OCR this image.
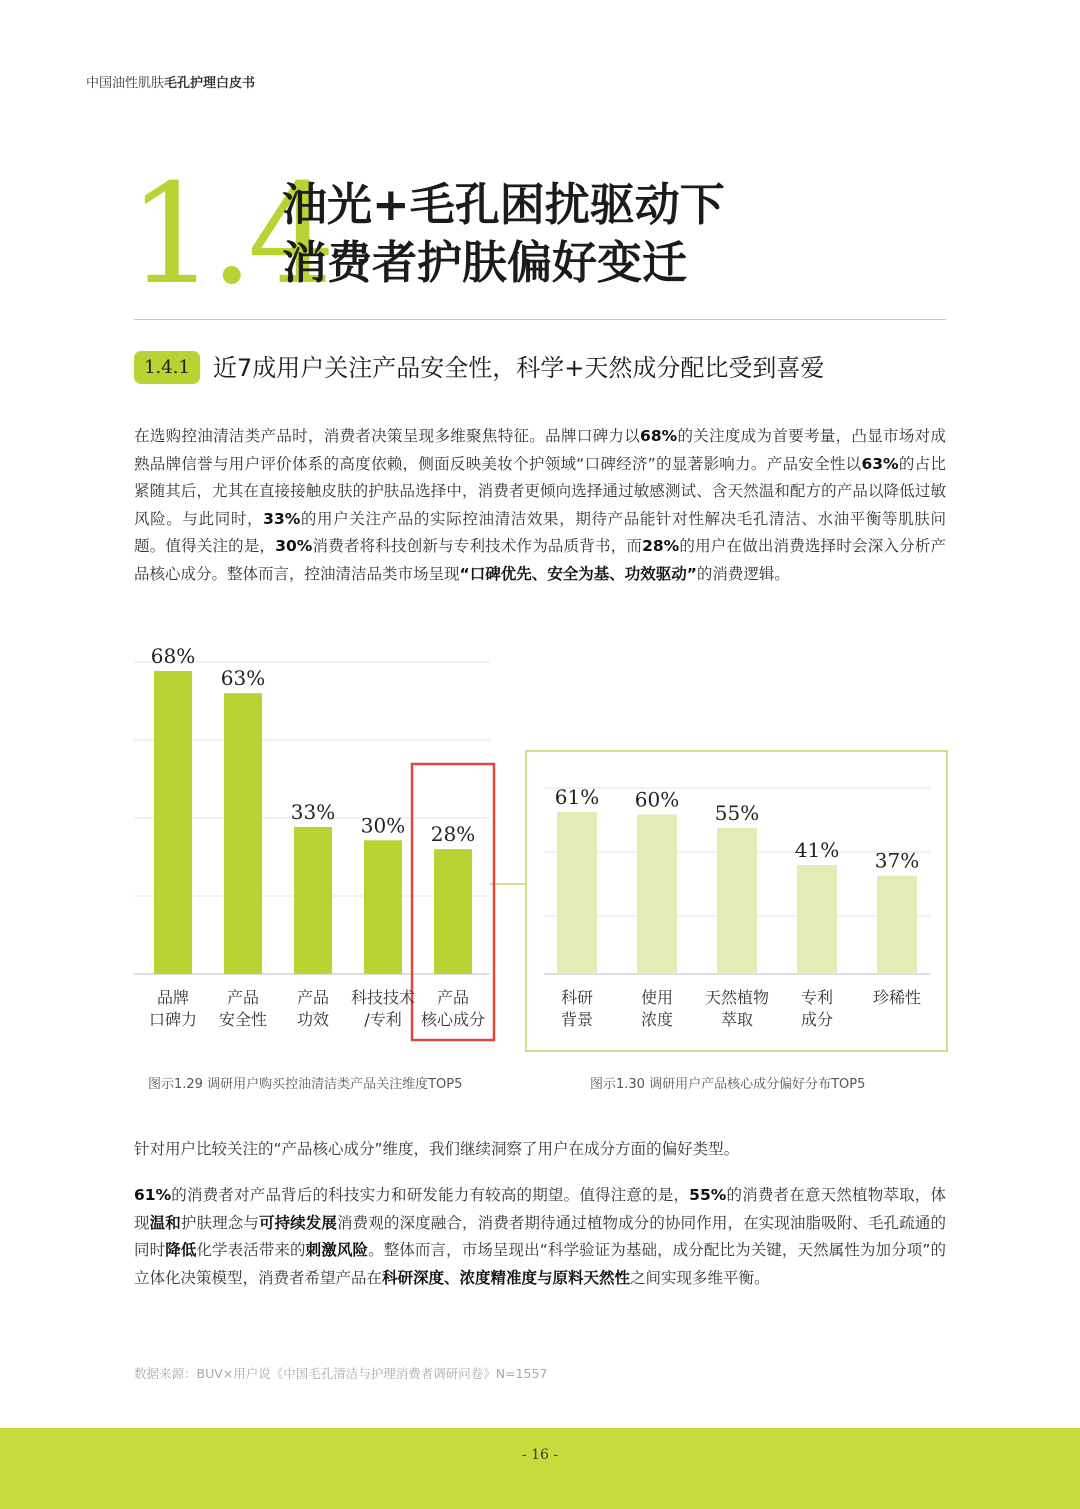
中国油性肌肤毛孔护理白皮书
1.4
油光+毛孔困扰驱动下
消费者护肤偏好变迁
1.4.1 近7成用户关注产品安全性，科学+天然成分配比受到喜爱
在选购控油清洁类产品时，消费者决策呈现多维聚焦特征。品牌口碑力以68%的关注度成为首要考量，凸显市场对成熟品牌信誉与用户评价体系的高度依赖，侧面反映美妆个护领域“口碑经济”的显著影响力。产品安全性以63%的占比紧随其后，尤其在直接接触皮肤的护肤品选择中，消费者更倾向选择通过敏感测试、含天然温和配方的产品以降低过敏风险。与此同时，33%的用户关注产品的实际控油清洁效果，期待产品能针对性解决毛孔清洁、水油平衡等肌肤问题。值得关注的是，30%消费者将科技创新与专利技术作为品质背书，而28%的用户在做出消费选择时会深入分析产品核心成分。整体而言，控油清洁品类市场呈现“口碑优先、安全为基、功效驱动”的消费逻辑。
68%
63%
33%
30% 28%
61% 60%
55%
41% 37%
品牌
口碑力
产品
安全性
产品
功效
科技技术
/专利
产品
核心成分
科研
背景
使用
浓度
天然植物
萃取
专利
成分
珍稀性
图示1.29 调研用户购买控油清洁类产品关注维度TOP5	图示1.30 调研用户产品核心成分偏好分布TOP5
针对用户比较关注的“产品核心成分”维度，我们继续洞察了用户在成分方面的偏好类型。
61%的消费者对产品背后的科技实力和研发能力有较高的期望。值得注意的是，55%的消费者在意天然植物萃取，体现温和护肤理念与可持续发展消费观的深度融合，消费者期待通过植物成分的协同作用，在实现油脂吸附、毛孔疏通的同时降低化学表活带来的刺激风险。整体而言，市场呈现出“科学验证为基础，成分配比为关键，天然属性为加分项”的立体化决策模型，消费者希望产品在科研深度、浓度精准度与原料天然性之间实现多维平衡。
数据来源：BUV×用户说《中国毛孔清洁与护理消费者调研问卷》N=1557
- 16 -
